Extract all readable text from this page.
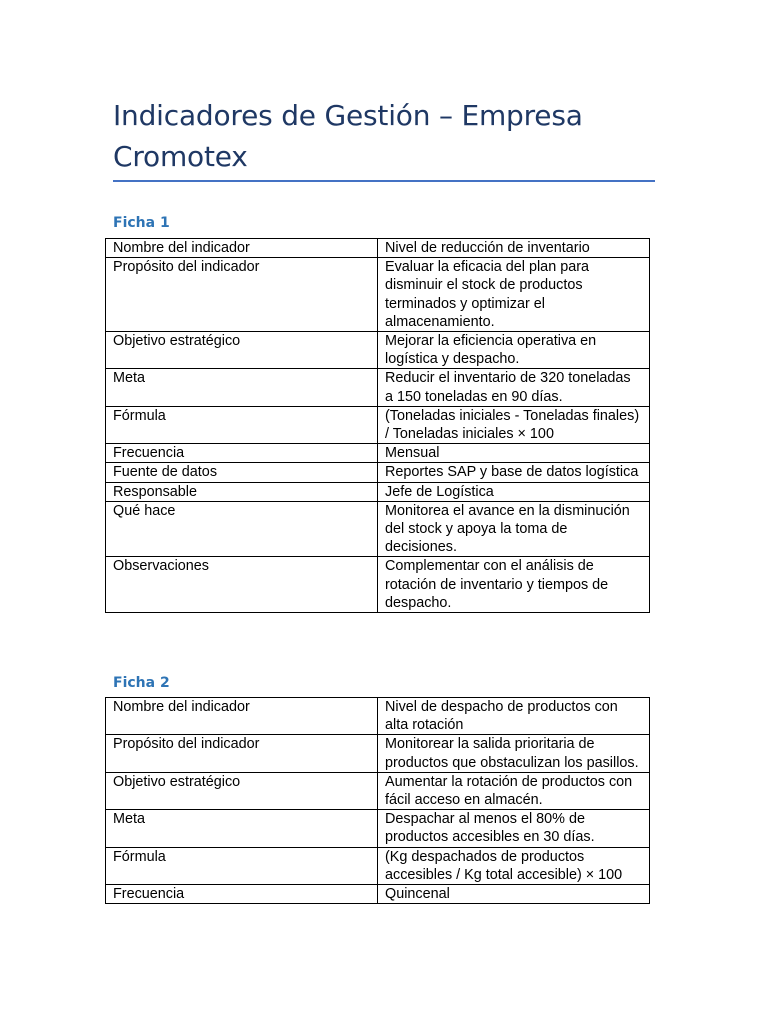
Indicadores de Gestión – Empresa Cromotex
Ficha 1
Nombre del indicador	Nivel de reducción de inventario
Propósito del indicador	Evaluar la eficacia del plan para disminuir el stock de productos terminados y optimizar el almacenamiento.
Objetivo estratégico	Mejorar la eficiencia operativa en logística y despacho.
Meta	Reducir el inventario de 320 toneladas a 150 toneladas en 90 días.
Fórmula	(Toneladas iniciales - Toneladas finales) / Toneladas iniciales × 100
Frecuencia	Mensual
Fuente de datos	Reportes SAP y base de datos logística
Responsable	Jefe de Logística
Qué hace	Monitorea el avance en la disminución del stock y apoya la toma de decisiones.
Observaciones	Complementar con el análisis de rotación de inventario y tiempos de despacho.
Ficha 2
Nombre del indicador	Nivel de despacho de productos con alta rotación
Propósito del indicador	Monitorear la salida prioritaria de productos que obstaculizan los pasillos.
Objetivo estratégico	Aumentar la rotación de productos con fácil acceso en almacén.
Meta	Despachar al menos el 80% de productos accesibles en 30 días.
Fórmula	(Kg despachados de productos accesibles / Kg total accesible) × 100
Frecuencia	Quincenal
